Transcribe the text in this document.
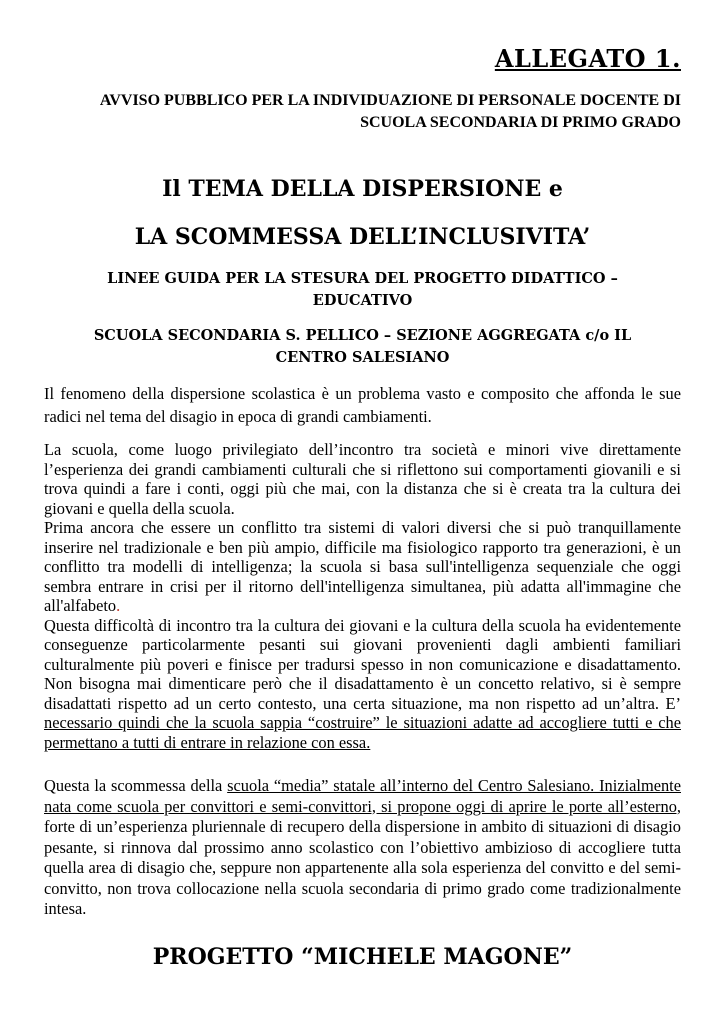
ALLEGATO 1.
AVVISO PUBBLICO PER LA INDIVIDUAZIONE DI PERSONALE DOCENTE DI
SCUOLA SECONDARIA DI PRIMO GRADO
Il TEMA DELLA DISPERSIONE e
LA SCOMMESSA DELL’INCLUSIVITA’
LINEE GUIDA PER LA STESURA DEL PROGETTO DIDATTICO –
EDUCATIVO
SCUOLA SECONDARIA S. PELLICO – SEZIONE AGGREGATA c/o IL
CENTRO SALESIANO
Il fenomeno della dispersione scolastica è un problema vasto e composito che affonda le sue radici nel tema del disagio in epoca di grandi cambiamenti.
La scuola, come luogo privilegiato dell’incontro tra società e minori vive direttamente l’esperienza dei grandi cambiamenti culturali che si riflettono sui comportamenti giovanili e si trova quindi a fare i conti, oggi più che mai, con la distanza che si è creata tra la cultura dei giovani e quella della scuola.
Prima ancora che essere un conflitto tra sistemi di valori diversi che si può tranquillamente inserire nel tradizionale e ben più ampio, difficile ma fisiologico rapporto tra generazioni, è un conflitto tra modelli di intelligenza; la scuola si basa sull'intelligenza sequenziale che oggi sembra entrare in crisi per il ritorno dell'intelligenza simultanea, più adatta all'immagine che all'alfabeto.
Questa difficoltà di incontro tra la cultura dei giovani e la cultura della scuola ha evidentemente conseguenze particolarmente pesanti sui giovani provenienti dagli ambienti familiari culturalmente più poveri e finisce per tradursi spesso in non comunicazione e disadattamento. Non bisogna mai dimenticare però che il disadattamento è un concetto relativo, si è sempre disadattati rispetto ad un certo contesto, una certa situazione, ma non rispetto ad un’altra. E’ necessario quindi che la scuola sappia “costruire” le situazioni adatte ad accogliere tutti e che permettano a tutti di entrare in relazione con essa.
Questa la scommessa della scuola “media” statale all’interno del Centro Salesiano. Inizialmente nata come scuola per convittori e semi-convittori, si propone oggi di aprire le porte all’esterno, forte di un’esperienza pluriennale di recupero della dispersione in ambito di situazioni di disagio pesante, si rinnova dal prossimo anno scolastico con l’obiettivo ambizioso di accogliere tutta quella area di disagio che, seppure non appartenente alla sola esperienza del convitto e del semi-convitto, non trova collocazione nella scuola secondaria di primo grado come tradizionalmente intesa.
PROGETTO “MICHELE MAGONE”
